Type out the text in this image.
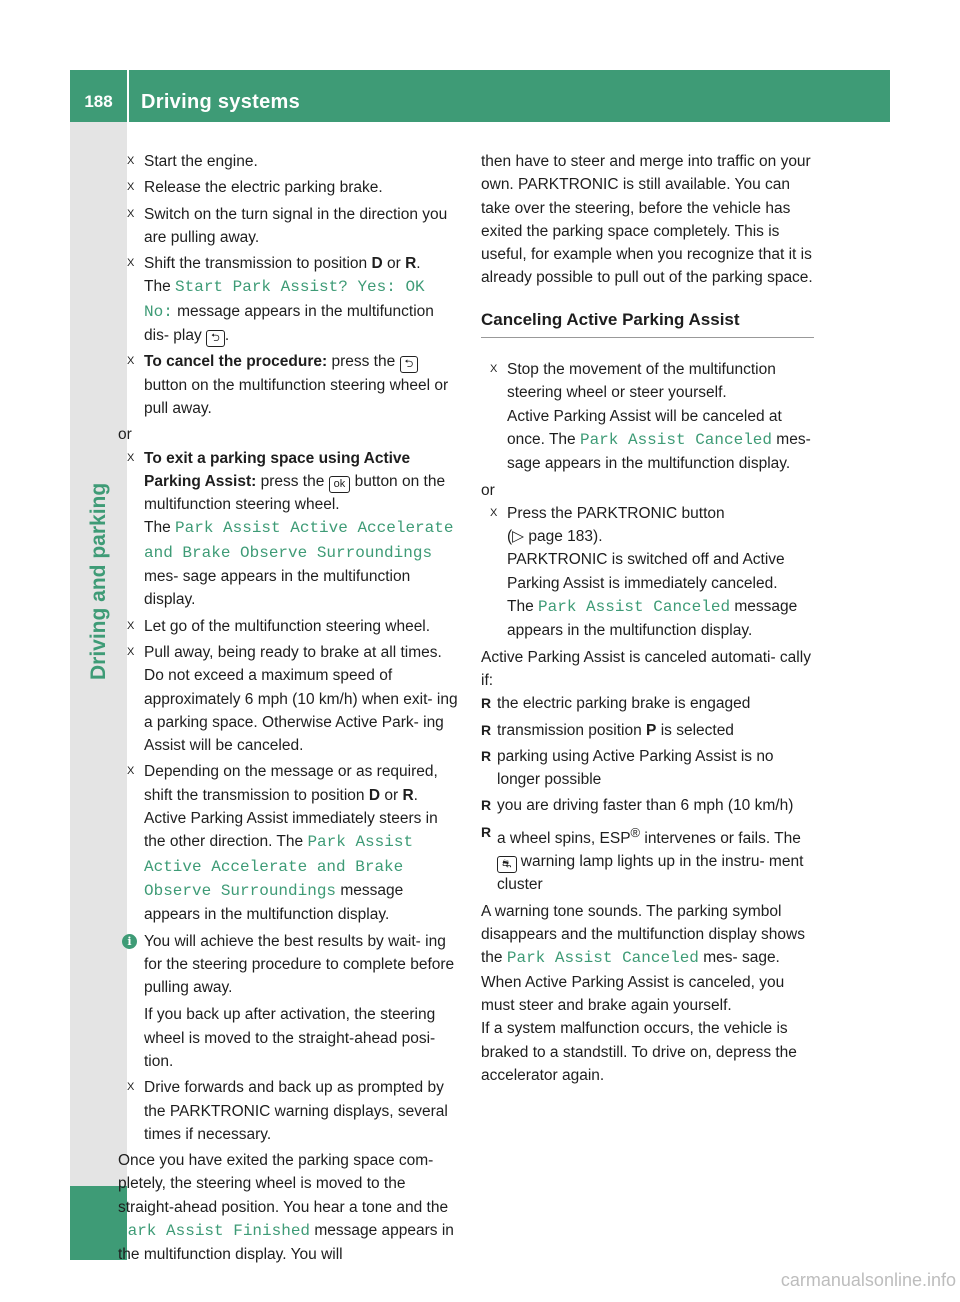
188	Driving systems
Driving and parking
X Start the engine.
X Release the electric parking brake.
X Switch on the turn signal in the direction you are pulling away.
X Shift the transmission to position D or R.
The Start Park Assist? Yes: OK No: message appears in the multifunction dis- play ⮌ .
X To cancel the procedure: press the ⮌ button on the multifunction steering wheel or pull away.

or

X To exit a parking space using Active Parking Assist: press the ok button on the multifunction steering wheel.
The Park Assist Active Accelerate and Brake Observe Surroundings mes- sage appears in the multifunction display.
X Let go of the multifunction steering wheel.
X Pull away, being ready to brake at all times. Do not exceed a maximum speed of approximately 6 mph (10 km/h) when exit- ing a parking space. Otherwise Active Park- ing Assist will be canceled.
X Depending on the message or as required, shift the transmission to position D or R.
Active Parking Assist immediately steers in the other direction. The Park Assist Active Accelerate and Brake Observe Surroundings message appears in the multifunction display.
i You will achieve the best results by wait- ing for the steering procedure to complete before pulling away.
If you back up after activation, the steering wheel is moved to the straight-ahead posi- tion.
X Drive forwards and back up as prompted by the PARKTRONIC warning displays, several times if necessary.

Once you have exited the parking space com- pletely, the steering wheel is moved to the straight-ahead position. You hear a tone and the Park Assist Finished message appears in the multifunction display. You will

then have to steer and merge into traffic on your own. PARKTRONIC is still available. You can take over the steering, before the vehicle has exited the parking space completely. This is useful, for example when you recognize that it is already possible to pull out of the parking space.

Canceling Active Parking Assist
X Stop the movement of the multifunction steering wheel or steer yourself.
Active Parking Assist will be canceled at once. The Park Assist Canceled mes- sage appears in the multifunction display.

or

X Press the PARKTRONIC button
(▷ page 183).
PARKTRONIC is switched off and Active Parking Assist is immediately canceled.
The Park Assist Canceled message appears in the multifunction display.

Active Parking Assist is canceled automati- cally if:

R the electric parking brake is engaged
R transmission position P is selected
R parking using Active Parking Assist is no longer possible
R you are driving faster than 6 mph (10 km/h)
R a wheel spins, ESP® intervenes or fails. The ⛐ warning lamp lights up in the instru- ment cluster

A warning tone sounds. The parking symbol disappears and the multifunction display shows the Park Assist Canceled mes- sage.

When Active Parking Assist is canceled, you must steer and brake again yourself.

If a system malfunction occurs, the vehicle is braked to a standstill. To drive on, depress the accelerator again.

carmanualsonline.info
